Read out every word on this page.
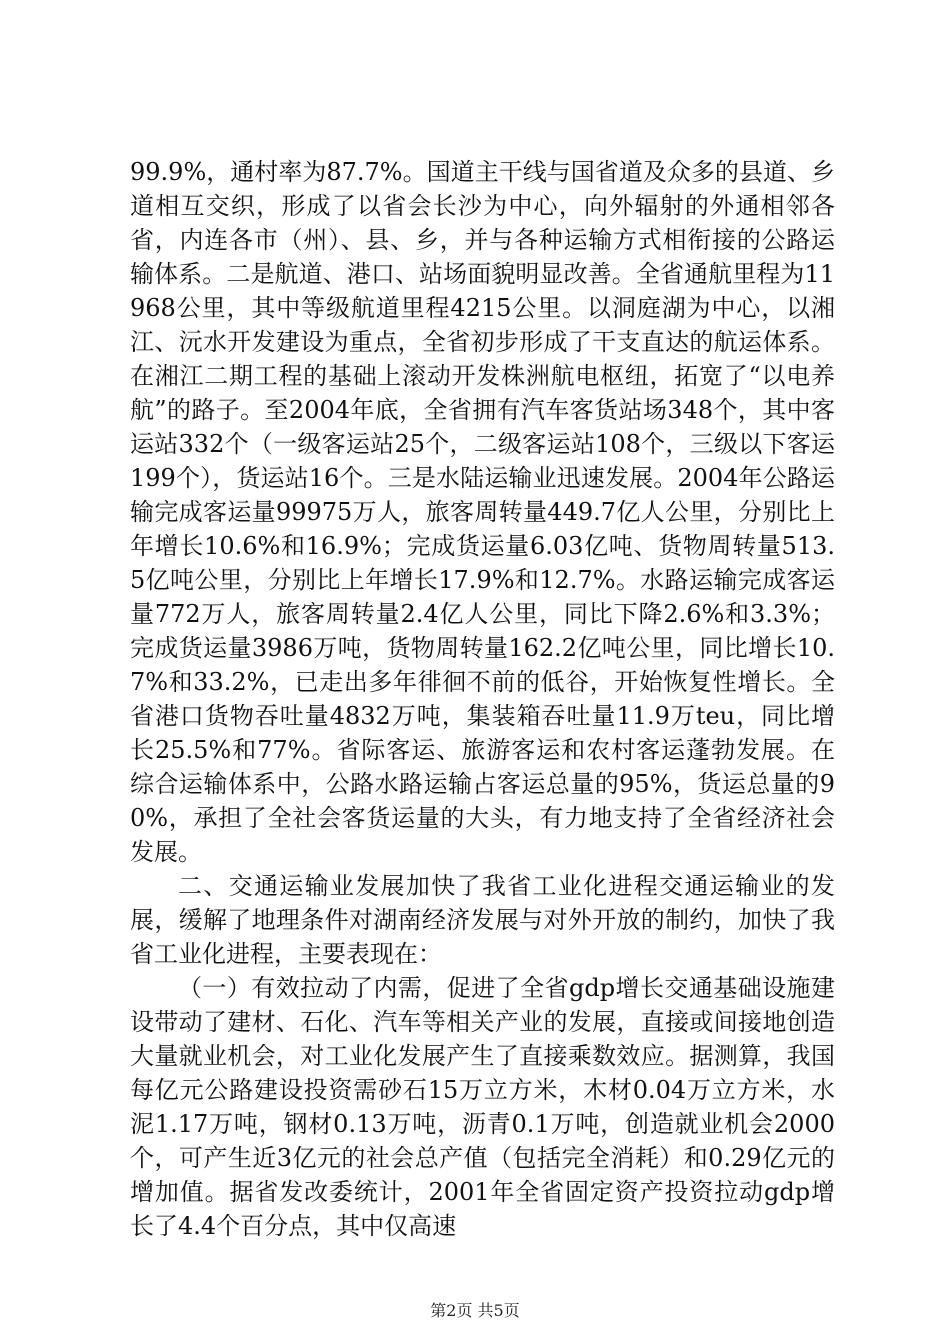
99.9%，通村率为87.7%。国道主干线与国省道及众多的县道、乡道相互交织，形成了以省会长沙为中心，向外辐射的外通相邻各省，内连各市（州）、县、乡，并与各种运输方式相衔接的公路运输体系。二是航道、港口、站场面貌明显改善。全省通航里程为11968公里，其中等级航道里程4215公里。以洞庭湖为中心，以湘江、沅水开发建设为重点，全省初步形成了干支直达的航运体系。在湘江二期工程的基础上滚动开发株洲航电枢纽，拓宽了“以电养航”的路子。至2004年底，全省拥有汽车客货站场348个，其中客运站332个（一级客运站25个，二级客运站108个，三级以下客运199个），货运站16个。三是水陆运输业迅速发展。2004年公路运输完成客运量99975万人，旅客周转量449.7亿人公里，分别比上年增长10.6%和16.9%；完成货运量6.03亿吨、货物周转量513.5亿吨公里，分别比上年增长17.9%和12.7%。水路运输完成客运量772万人，旅客周转量2.4亿人公里，同比下降2.6%和3.3%；完成货运量3986万吨，货物周转量162.2亿吨公里，同比增长10.7%和33.2%，已走出多年徘徊不前的低谷，开始恢复性增长。全省港口货物吞吐量4832万吨，集装箱吞吐量11.9万teu，同比增长25.5%和77%。省际客运、旅游客运和农村客运蓬勃发展。在综合运输体系中，公路水路运输占客运总量的95%，货运总量的90%，承担了全社会客货运量的大头，有力地支持了全省经济社会发展。

二、交通运输业发展加快了我省工业化进程交通运输业的发展，缓解了地理条件对湖南经济发展与对外开放的制约，加快了我省工业化进程，主要表现在：

（一）有效拉动了内需，促进了全省gdp增长交通基础设施建设带动了建材、石化、汽车等相关产业的发展，直接或间接地创造大量就业机会，对工业化发展产生了直接乘数效应。据测算，我国每亿元公路建设投资需砂石15万立方米，木材0.04万立方米，水泥1.17万吨，钢材0.13万吨，沥青0.1万吨，创造就业机会2000个，可产生近3亿元的社会总产值（包括完全消耗）和0.29亿元的增加值。据省发改委统计，2001年全省固定资产投资拉动gdp增长了4.4个百分点，其中仅高速

第2页 共5页
